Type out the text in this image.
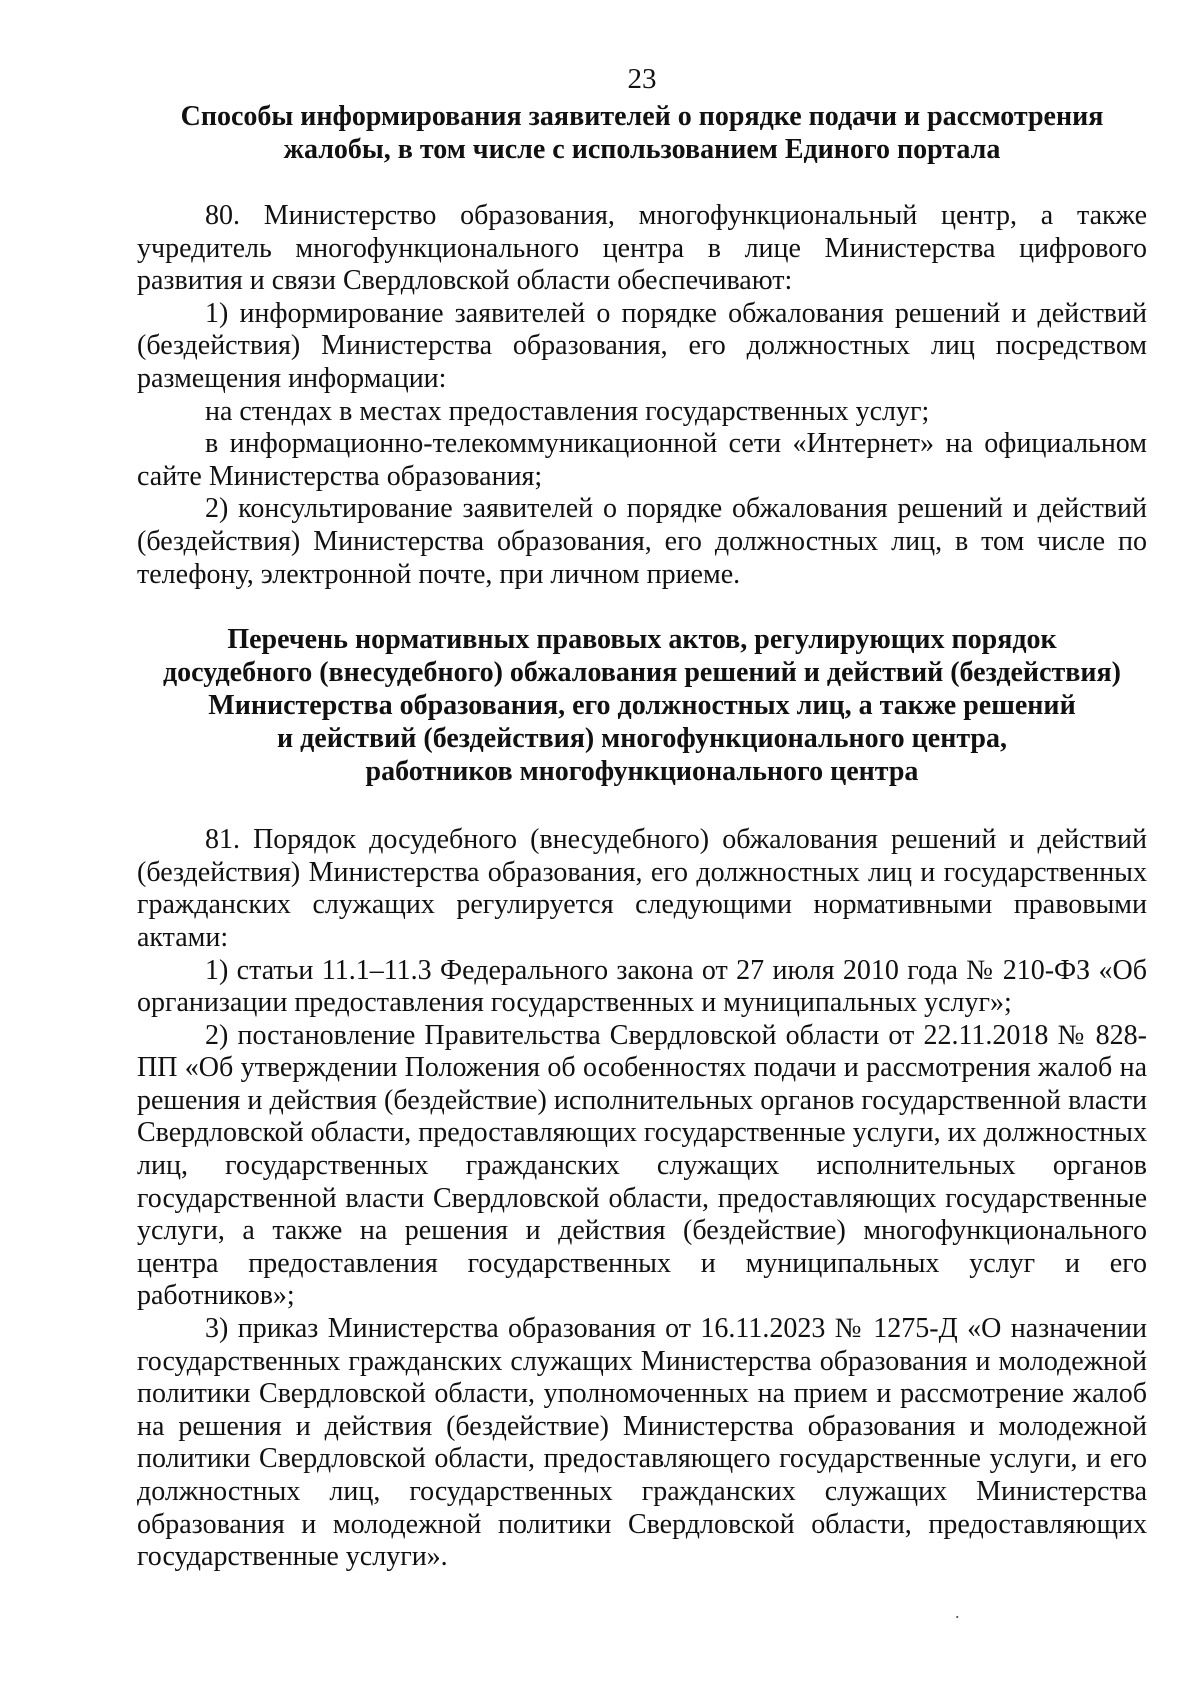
23
Способы информирования заявителей о порядке подачи и рассмотрения
жалобы, в том числе с использованием Единого портала

80. Министерство образования, многофункциональный центр, а также учредитель многофункционального центра в лице Министерства цифрового развития и связи Свердловской области обеспечивают:

1) информирование заявителей о порядке обжалования решений и действий (бездействия) Министерства образования, его должностных лиц посредством размещения информации:

на стендах в местах предоставления государственных услуг;

в информационно-телекоммуникационной сети «Интернет» на официальном сайте Министерства образования;

2) консультирование заявителей о порядке обжалования решений и действий (бездействия) Министерства образования, его должностных лиц, в том числе по телефону, электронной почте, при личном приеме.

Перечень нормативных правовых актов, регулирующих порядок
досудебного (внесудебного) обжалования решений и действий (бездействия)
Министерства образования, его должностных лиц, а также решений
и действий (бездействия) многофункционального центра,
работников многофункционального центра

81. Порядок досудебного (внесудебного) обжалования решений и действий (бездействия) Министерства образования, его должностных лиц и государственных гражданских служащих регулируется следующими нормативными правовыми актами:

1) статьи 11.1–11.3 Федерального закона от 27 июля 2010 года № 210-ФЗ «Об организации предоставления государственных и муниципальных услуг»;

2) постановление Правительства Свердловской области от 22.11.2018 № 828-ПП «Об утверждении Положения об особенностях подачи и рассмотрения жалоб на решения и действия (бездействие) исполнительных органов государственной власти Свердловской области, предоставляющих государственные услуги, их должностных лиц, государственных гражданских служащих исполнительных органов государственной власти Свердловской области, предоставляющих государственные услуги, а также на решения и действия (бездействие) многофункционального центра предоставления государственных и муниципальных услуг и его работников»;

3) приказ Министерства образования от 16.11.2023 № 1275-Д «О назначении государственных гражданских служащих Министерства образования и молодежной политики Свердловской области, уполномоченных на прием и рассмотрение жалоб на решения и действия (бездействие) Министерства образования и молодежной политики Свердловской области, предоставляющего государственные услуги, и его должностных лиц, государственных гражданских служащих Министерства образования и молодежной политики Свердловской области, предоставляющих государственные услуги».

.
